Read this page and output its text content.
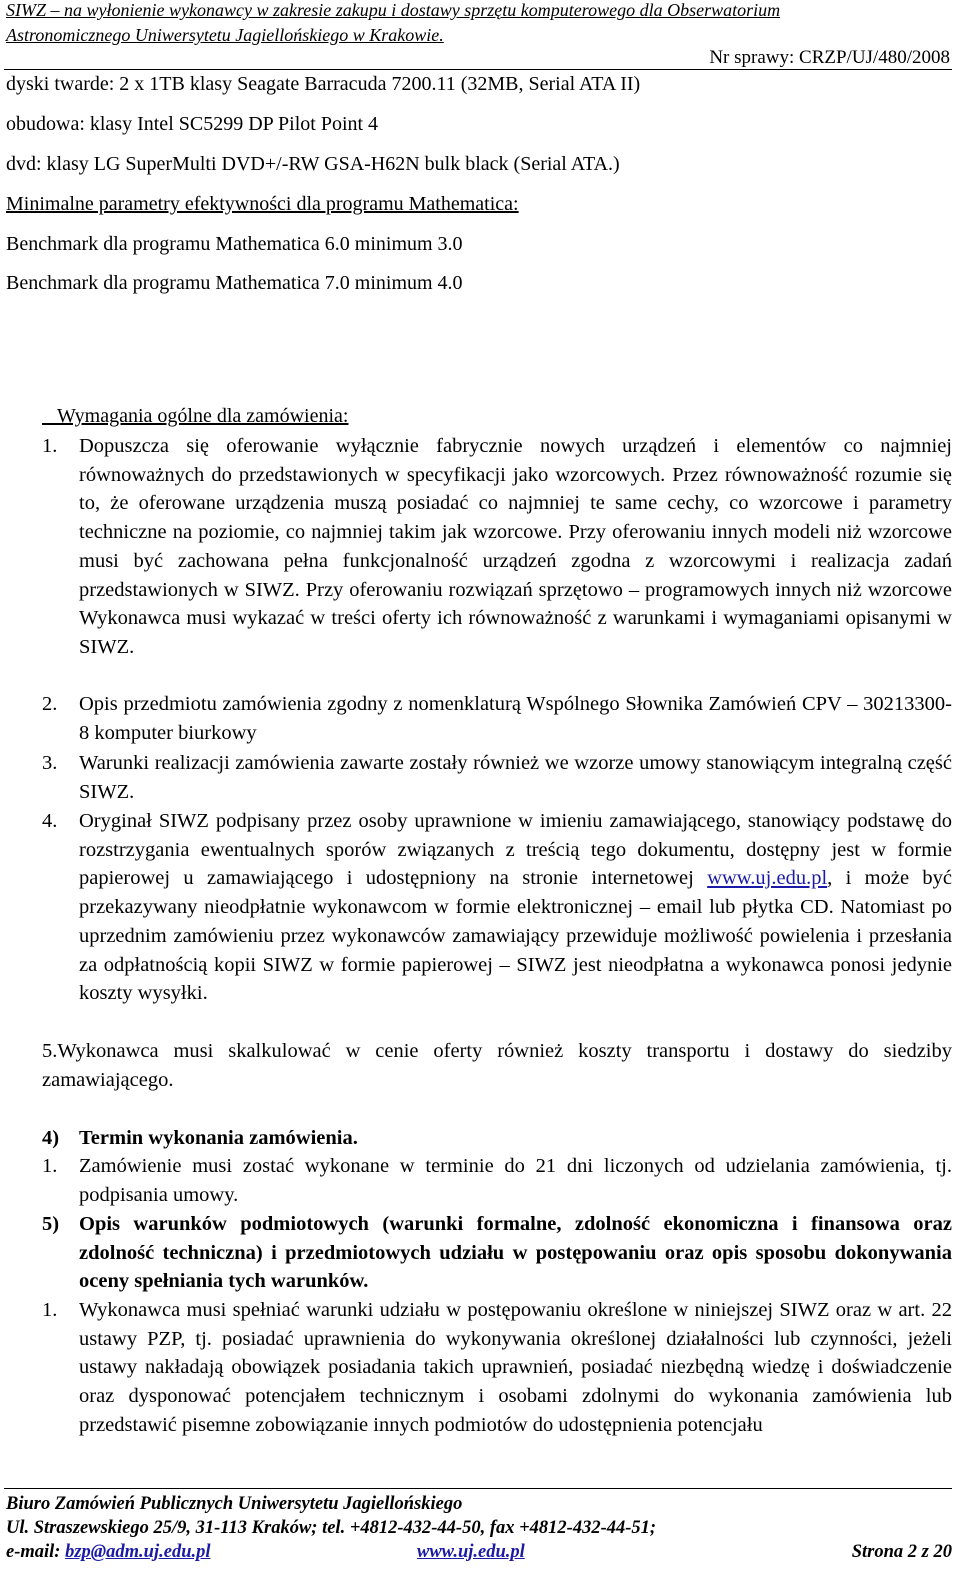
SIWZ – na wyłonienie wykonawcy w zakresie zakupu i dostawy sprzętu komputerowego dla Obserwatorium
Astronomicznego Uniwersytetu Jagiellońskiego w Krakowie.
Nr sprawy: CRZP/UJ/480/2008
dyski twarde: 2 x 1TB klasy Seagate Barracuda 7200.11 (32MB, Serial ATA II)
obudowa: klasy Intel SC5299 DP Pilot Point 4
dvd: klasy LG SuperMulti DVD+/-RW GSA-H62N bulk black (Serial ATA.)
Minimalne parametry efektywności dla programu Mathematica:
Benchmark dla programu Mathematica 6.0 minimum 3.0
Benchmark dla programu Mathematica 7.0 minimum 4.0
Wymagania ogólne dla zamówienia:
1. Dopuszcza się oferowanie wyłącznie fabrycznie nowych urządzeń i elementów co najmniej równoważnych do przedstawionych w specyfikacji jako wzorcowych. Przez równoważność rozumie się to, że oferowane urządzenia muszą posiadać co najmniej te same cechy, co wzorcowe i parametry techniczne na poziomie, co najmniej takim jak wzorcowe. Przy oferowaniu innych modeli niż wzorcowe musi być zachowana pełna funkcjonalność urządzeń zgodna z wzorcowymi i realizacja zadań przedstawionych w SIWZ. Przy oferowaniu rozwiązań sprzętowo – programowych innych niż wzorcowe Wykonawca musi wykazać w treści oferty ich równoważność z warunkami i wymaganiami opisanymi w SIWZ.
2. Opis przedmiotu zamówienia zgodny z nomenklaturą Wspólnego Słownika Zamówień CPV – 30213300-8 komputer biurkowy
3. Warunki realizacji zamówienia zawarte zostały również we wzorze umowy stanowiącym integralną część SIWZ.
4. Oryginał SIWZ podpisany przez osoby uprawnione w imieniu zamawiającego, stanowiący podstawę do rozstrzygania ewentualnych sporów związanych z treścią tego dokumentu, dostępny jest w formie papierowej u zamawiającego i udostępniony na stronie internetowej www.uj.edu.pl, i może być przekazywany nieodpłatnie wykonawcom w formie elektronicznej – email lub płytka CD. Natomiast po uprzednim zamówieniu przez wykonawców zamawiający przewiduje możliwość powielenia i przesłania za odpłatnością kopii SIWZ w formie papierowej – SIWZ jest nieodpłatna a wykonawca ponosi jedynie koszty wysyłki.
5.Wykonawca musi skalkulować w cenie oferty również koszty transportu i dostawy do siedziby zamawiającego.
4) Termin wykonania zamówienia.
1. Zamówienie musi zostać wykonane w terminie do 21 dni liczonych od udzielania zamówienia, tj. podpisania umowy.
5) Opis warunków podmiotowych (warunki formalne, zdolność ekonomiczna i finansowa oraz zdolność techniczna) i przedmiotowych udziału w postępowaniu oraz opis sposobu dokonywania oceny spełniania tych warunków.
1. Wykonawca musi spełniać warunki udziału w postępowaniu określone w niniejszej SIWZ oraz w art. 22 ustawy PZP, tj. posiadać uprawnienia do wykonywania określonej działalności lub czynności, jeżeli ustawy nakładają obowiązek posiadania takich uprawnień, posiadać niezbędną wiedzę i doświadczenie oraz dysponować potencjałem technicznym i osobami zdolnymi do wykonania zamówienia lub przedstawić pisemne zobowiązanie innych podmiotów do udostępnienia potencjału
Biuro Zamówień Publicznych Uniwersytetu Jagiellońskiego
Ul. Straszewskiego 25/9, 31-113 Kraków; tel. +4812-432-44-50, fax +4812-432-44-51;
e-mail: bzp@adm.uj.edu.pl	www.uj.edu.pl	Strona 2 z 20
